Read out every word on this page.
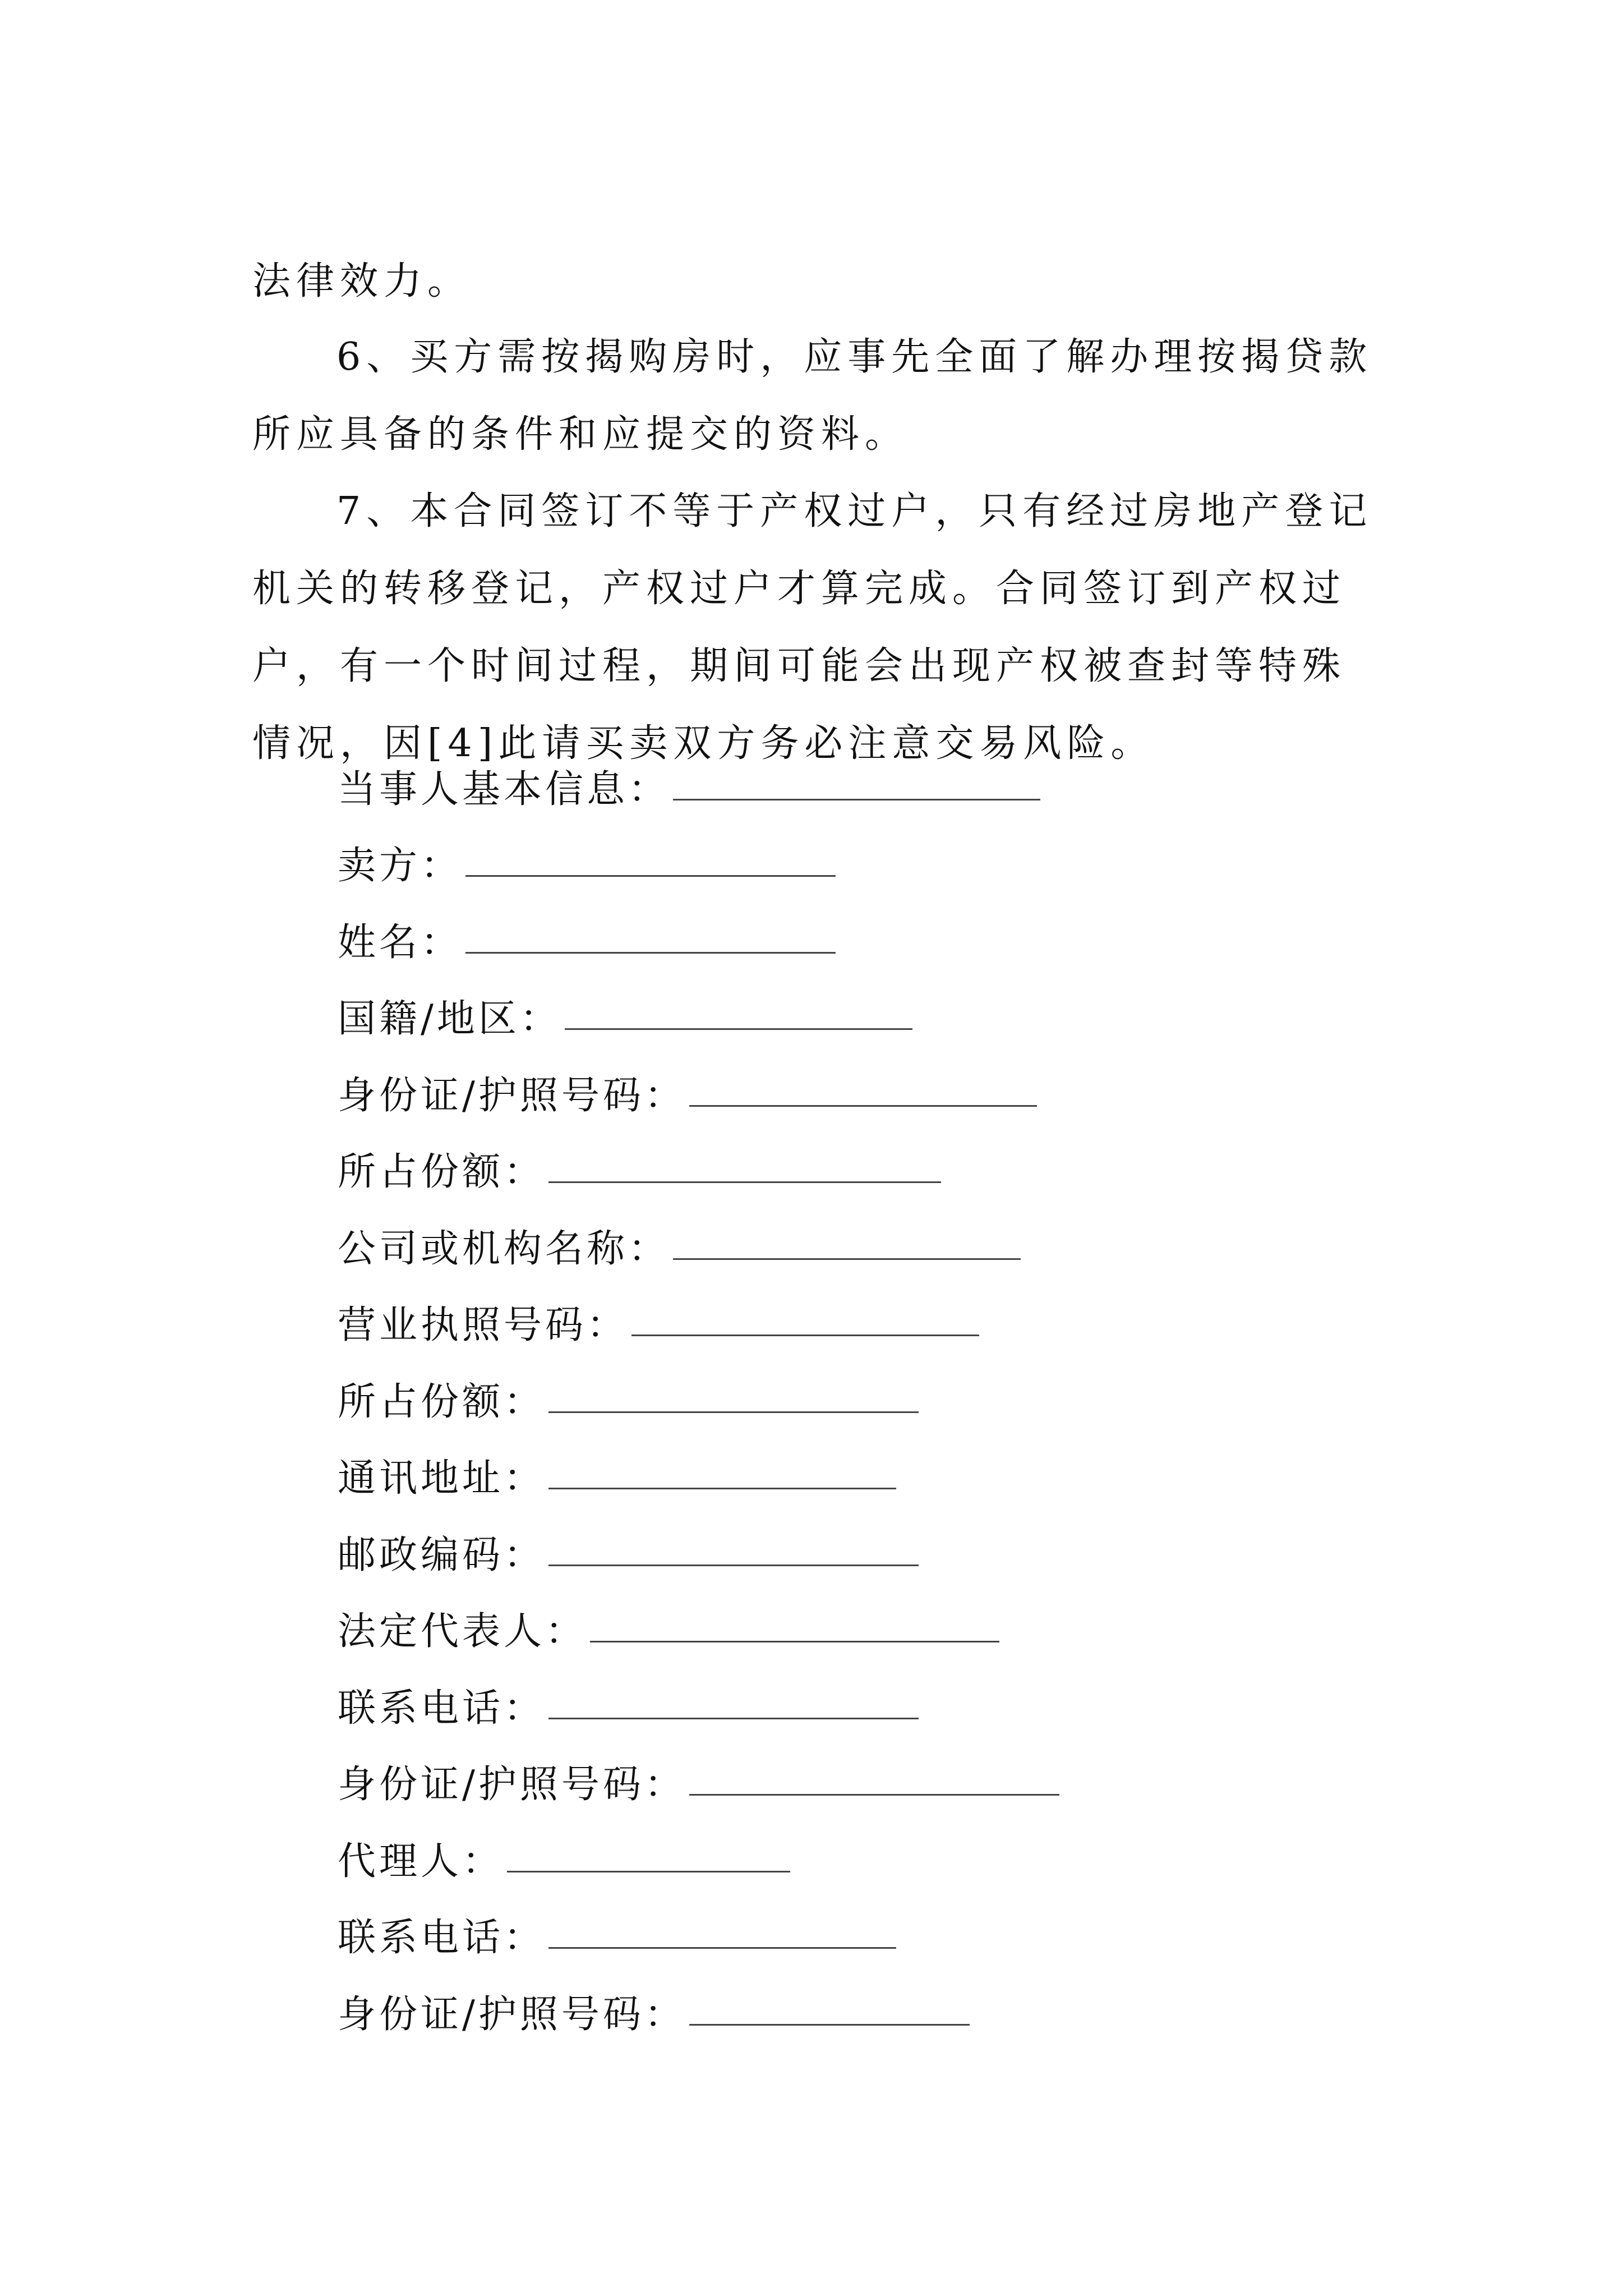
法律效力。

6、买方需按揭购房时，应事先全面了解办理按揭贷款所应具备的条件和应提交的资料。

7、本合同签订不等于产权过户，只有经过房地产登记机关的转移登记，产权过户才算完成。合同签订到产权过户，有一个时间过程，期间可能会出现产权被查封等特殊情况，因[4]此请买卖双方务必注意交易风险。

当事人基本信息：
卖方：
姓名：
国籍/地区：
身份证/护照号码：
所占份额：
公司或机构名称：
营业执照号码：
所占份额：
通讯地址：
邮政编码：
法定代表人：
联系电话：
身份证/护照号码：
代理人：
联系电话：
身份证/护照号码：
